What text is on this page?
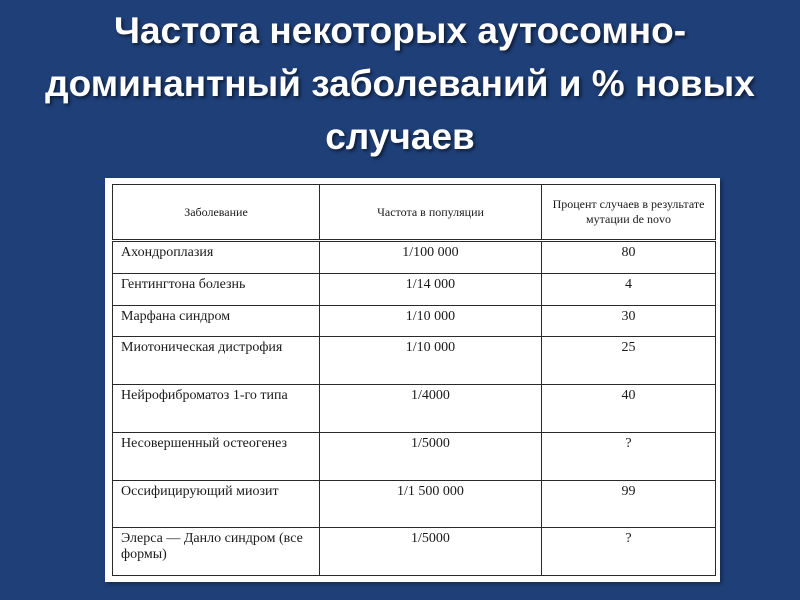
Частота некоторых аутосомно-доминантный заболеваний и % новых случаев
Заболевание	Частота в популяции	Процент случаев в результате мутации de novo
Ахондроплазия	1/100 000	80
Гентингтона болезнь	1/14 000	4
Марфана синдром	1/10 000	30
Миотоническая дистрофия	1/10 000	25
Нейрофиброматоз 1-го типа	1/4000	40
Несовершенный остеогенез	1/5000	?
Оссифицирующий миозит	1/1 500 000	99
Элерса — Данло синдром (все формы)	1/5000	?
